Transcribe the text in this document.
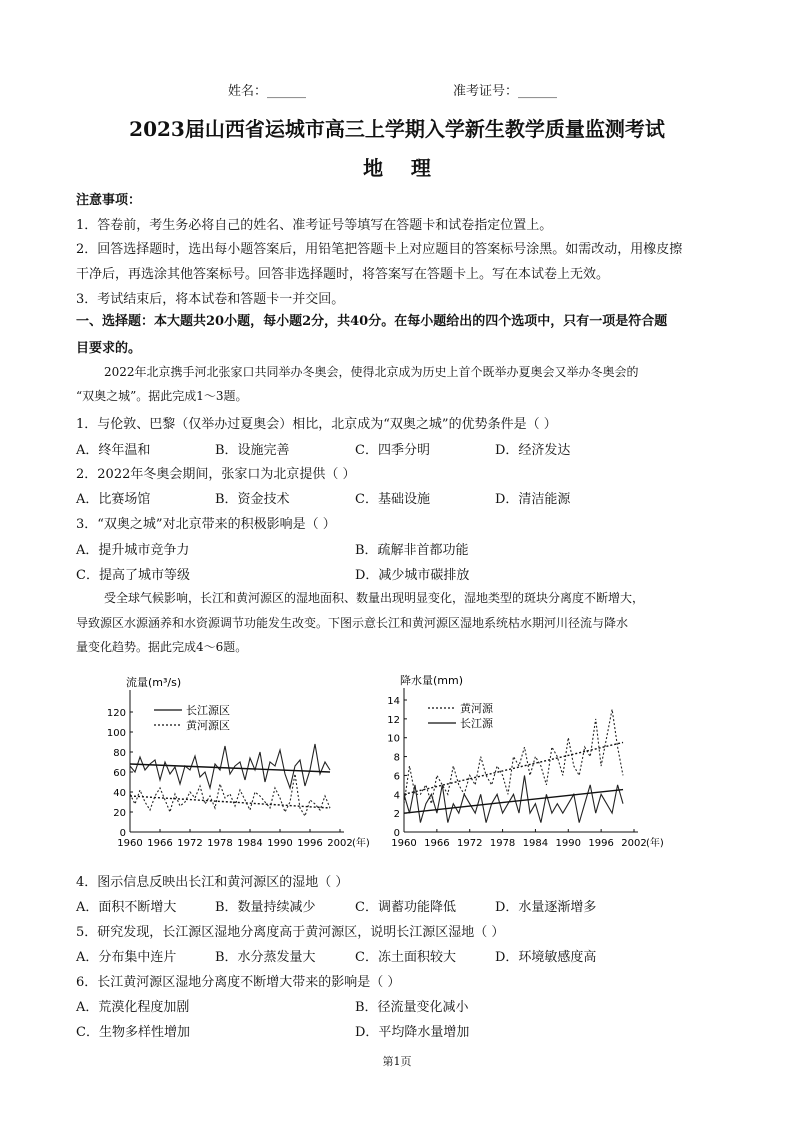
姓名：______	准考证号：______
2023届山西省运城市高三上学期入学新生教学质量监测考试
地    理
注意事项：
1．答卷前，考生务必将自己的姓名、准考证号等填写在答题卡和试卷指定位置上。
2．回答选择题时，选出每小题答案后，用铅笔把答题卡上对应题目的答案标号涂黑。如需改动，用橡皮擦
干净后，再选涂其他答案标号。回答非选择题时，将答案写在答题卡上。写在本试卷上无效。
3．考试结束后，将本试卷和答题卡一并交回。
一、选择题：本大题共20小题，每小题2分，共40分。在每小题给出的四个选项中，只有一项是符合题
目要求的。
2022年北京携手河北张家口共同举办冬奥会，使得北京成为历史上首个既举办夏奥会又举办冬奥会的
“双奥之城”。据此完成1～3题。
1．与伦敦、巴黎（仅举办过夏奥会）相比，北京成为“双奥之城”的优势条件是（ ）
A．终年温和	B．设施完善	C．四季分明	D．经济发达
2．2022年冬奥会期间，张家口为北京提供（ ）
A．比赛场馆	B．资金技术	C．基础设施	D．清洁能源
3．“双奥之城”对北京带来的积极影响是（ ）
A．提升城市竞争力	B．疏解非首都功能
C．提高了城市等级	D．减少城市碳排放
受全球气候影响，长江和黄河源区的湿地面积、数量出现明显变化，湿地类型的斑块分离度不断增大，
导致源区水源涵养和水资源调节功能发生改变。下图示意长江和黄河源区湿地系统枯水期河川径流与降水
量变化趋势。据此完成4～6题。
流量(m³/s)
0
20
40
60
80
100
120
1960 1966 1972 1978 1984 1990 1996 2002 (年)
长江源区
黄河源区
降水量(mm)
0
2
4
6
8
10
12
14
1960 1966 1972 1978 1984 1990 1996 2002 (年)
黄河源
长江源
4．图示信息反映出长江和黄河源区的湿地（ ）
A．面积不断增大	B．数量持续减少	C．调蓄功能降低	D．水量逐渐增多
5．研究发现，长江源区湿地分离度高于黄河源区，说明长江源区湿地（ ）
A．分布集中连片	B．水分蒸发量大	C．冻土面积较大	D．环境敏感度高
6．长江黄河源区湿地分离度不断增大带来的影响是（ ）
A．荒漠化程度加剧	B．径流量变化减小
C．生物多样性增加	D．平均降水量增加
第1页
